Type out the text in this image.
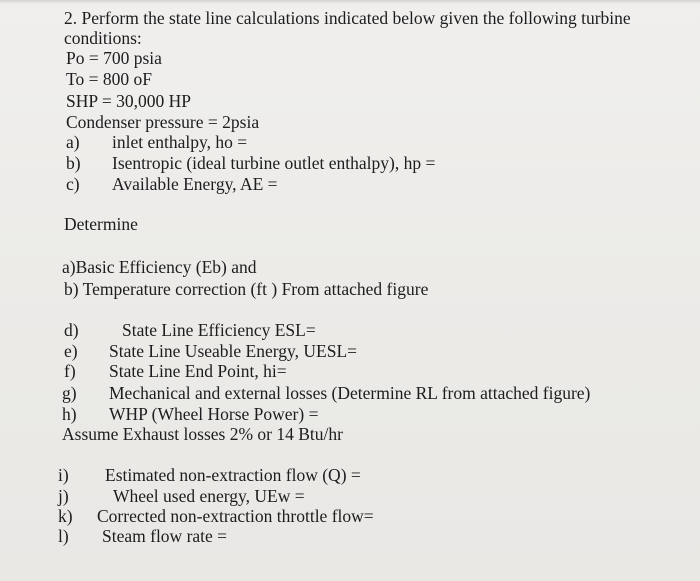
2. Perform the state line calculations indicated below given the following turbine
conditions:
Po = 700 psia
To = 800 oF
SHP = 30,000 HP
Condenser pressure = 2psia
a) inlet enthalpy, ho =
b) Isentropic (ideal turbine outlet enthalpy), hp =
c) Available Energy, AE =
Determine
a)Basic Efficiency (Eb) and
b) Temperature correction (ft ) From attached figure
d) State Line Efficiency ESL=
e) State Line Useable Energy, UESL=
f) State Line End Point, hi=
g) Mechanical and external losses (Determine RL from attached figure)
h) WHP (Wheel Horse Power) =
Assume Exhaust losses 2% or 14 Btu/hr
i) Estimated non-extraction flow (Q) =
j)	Wheel used energy, UEw =
k) Corrected non-extraction throttle flow=
l) Steam flow rate =
